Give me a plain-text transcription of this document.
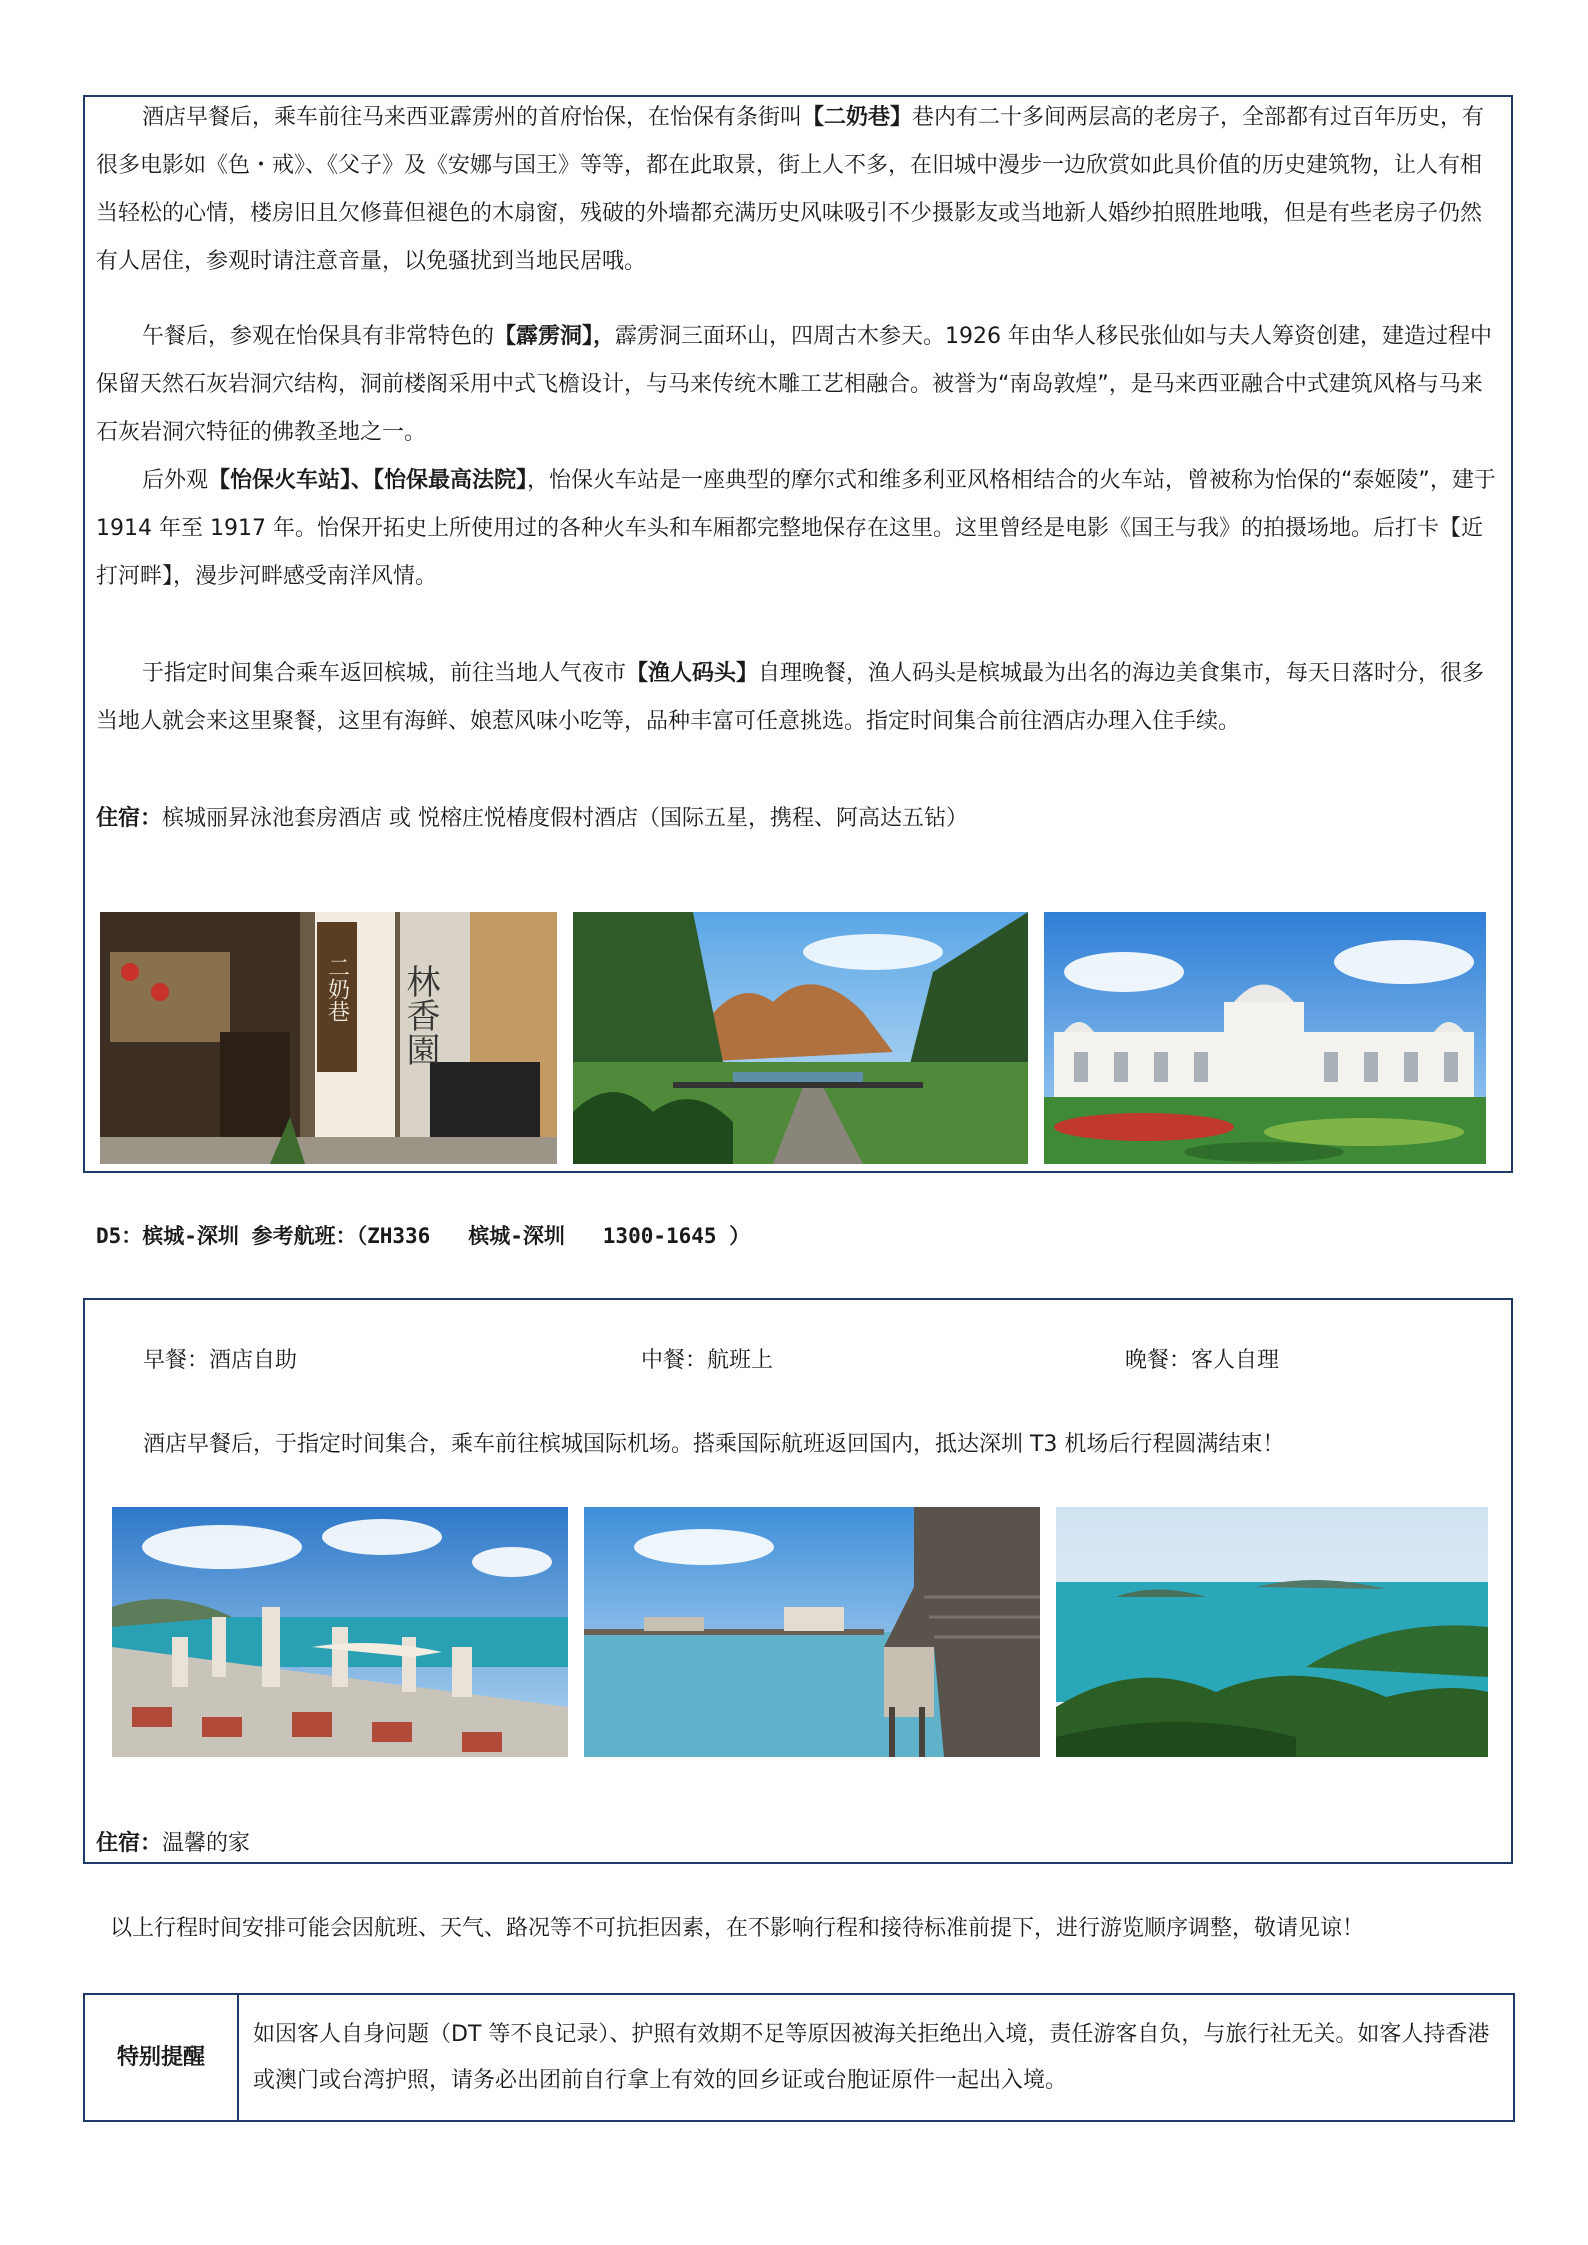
酒店早餐后，乘车前往马来西亚霹雳州的首府怡保，在怡保有条街叫【二奶巷】巷内有二十多间两层高的老房子，全部都有过百年历史，有很多电影如《色・戒》、《父子》及《安娜与国王》等等，都在此取景，街上人不多，在旧城中漫步一边欣赏如此具价值的历史建筑物，让人有相当轻松的心情，楼房旧且欠修葺但褪色的木扇窗，残破的外墙都充满历史风味吸引不少摄影友或当地新人婚纱拍照胜地哦，但是有些老房子仍然有人居住，参观时请注意音量，以免骚扰到当地民居哦。

午餐后，参观在怡保具有非常特色的【霹雳洞】，霹雳洞三面环山，四周古木参天。1926 年由华人移民张仙如与夫人筹资创建，建造过程中保留天然石灰岩洞穴结构，洞前楼阁采用中式飞檐设计，与马来传统木雕工艺相融合。被誉为“南岛敦煌”，是马来西亚融合中式建筑风格与马来石灰岩洞穴特征的佛教圣地之一。

后外观【怡保火车站】、【怡保最高法院】，怡保火车站是一座典型的摩尔式和维多利亚风格相结合的火车站，曾被称为怡保的“泰姬陵”，建于 1914 年至 1917 年。怡保开拓史上所使用过的各种火车头和车厢都完整地保存在这里。这里曾经是电影《国王与我》的拍摄场地。后打卡【近打河畔】，漫步河畔感受南洋风情。

于指定时间集合乘车返回槟城，前往当地人气夜市【渔人码头】自理晚餐，渔人码头是槟城最为出名的海边美食集市，每天日落时分，很多当地人就会来这里聚餐，这里有海鲜、娘惹风味小吃等，品种丰富可任意挑选。指定时间集合前往酒店办理入住手续。

住宿：槟城丽昇泳池套房酒店 或 悦榕庄悦椿度假村酒店（国际五星，携程、阿高达五钻）
二奶巷 林香園
D5：槟城-深圳 参考航班：（ZH336   槟城-深圳   1300-1645 ）
早餐：酒店自助	中餐：航班上	晚餐：客人自理
酒店早餐后，于指定时间集合，乘车前往槟城国际机场。搭乘国际航班返回国内，抵达深圳 T3 机场后行程圆满结束！
住宿：温馨的家
以上行程时间安排可能会因航班、天气、路况等不可抗拒因素，在不影响行程和接待标准前提下，进行游览顺序调整，敬请见谅！
特别提醒	如因客人自身问题（DT 等不良记录）、护照有效期不足等原因被海关拒绝出入境，责任游客自负，与旅行社无关。如客人持香港或澳门或台湾护照，请务必出团前自行拿上有效的回乡证或台胞证原件一起出入境。
